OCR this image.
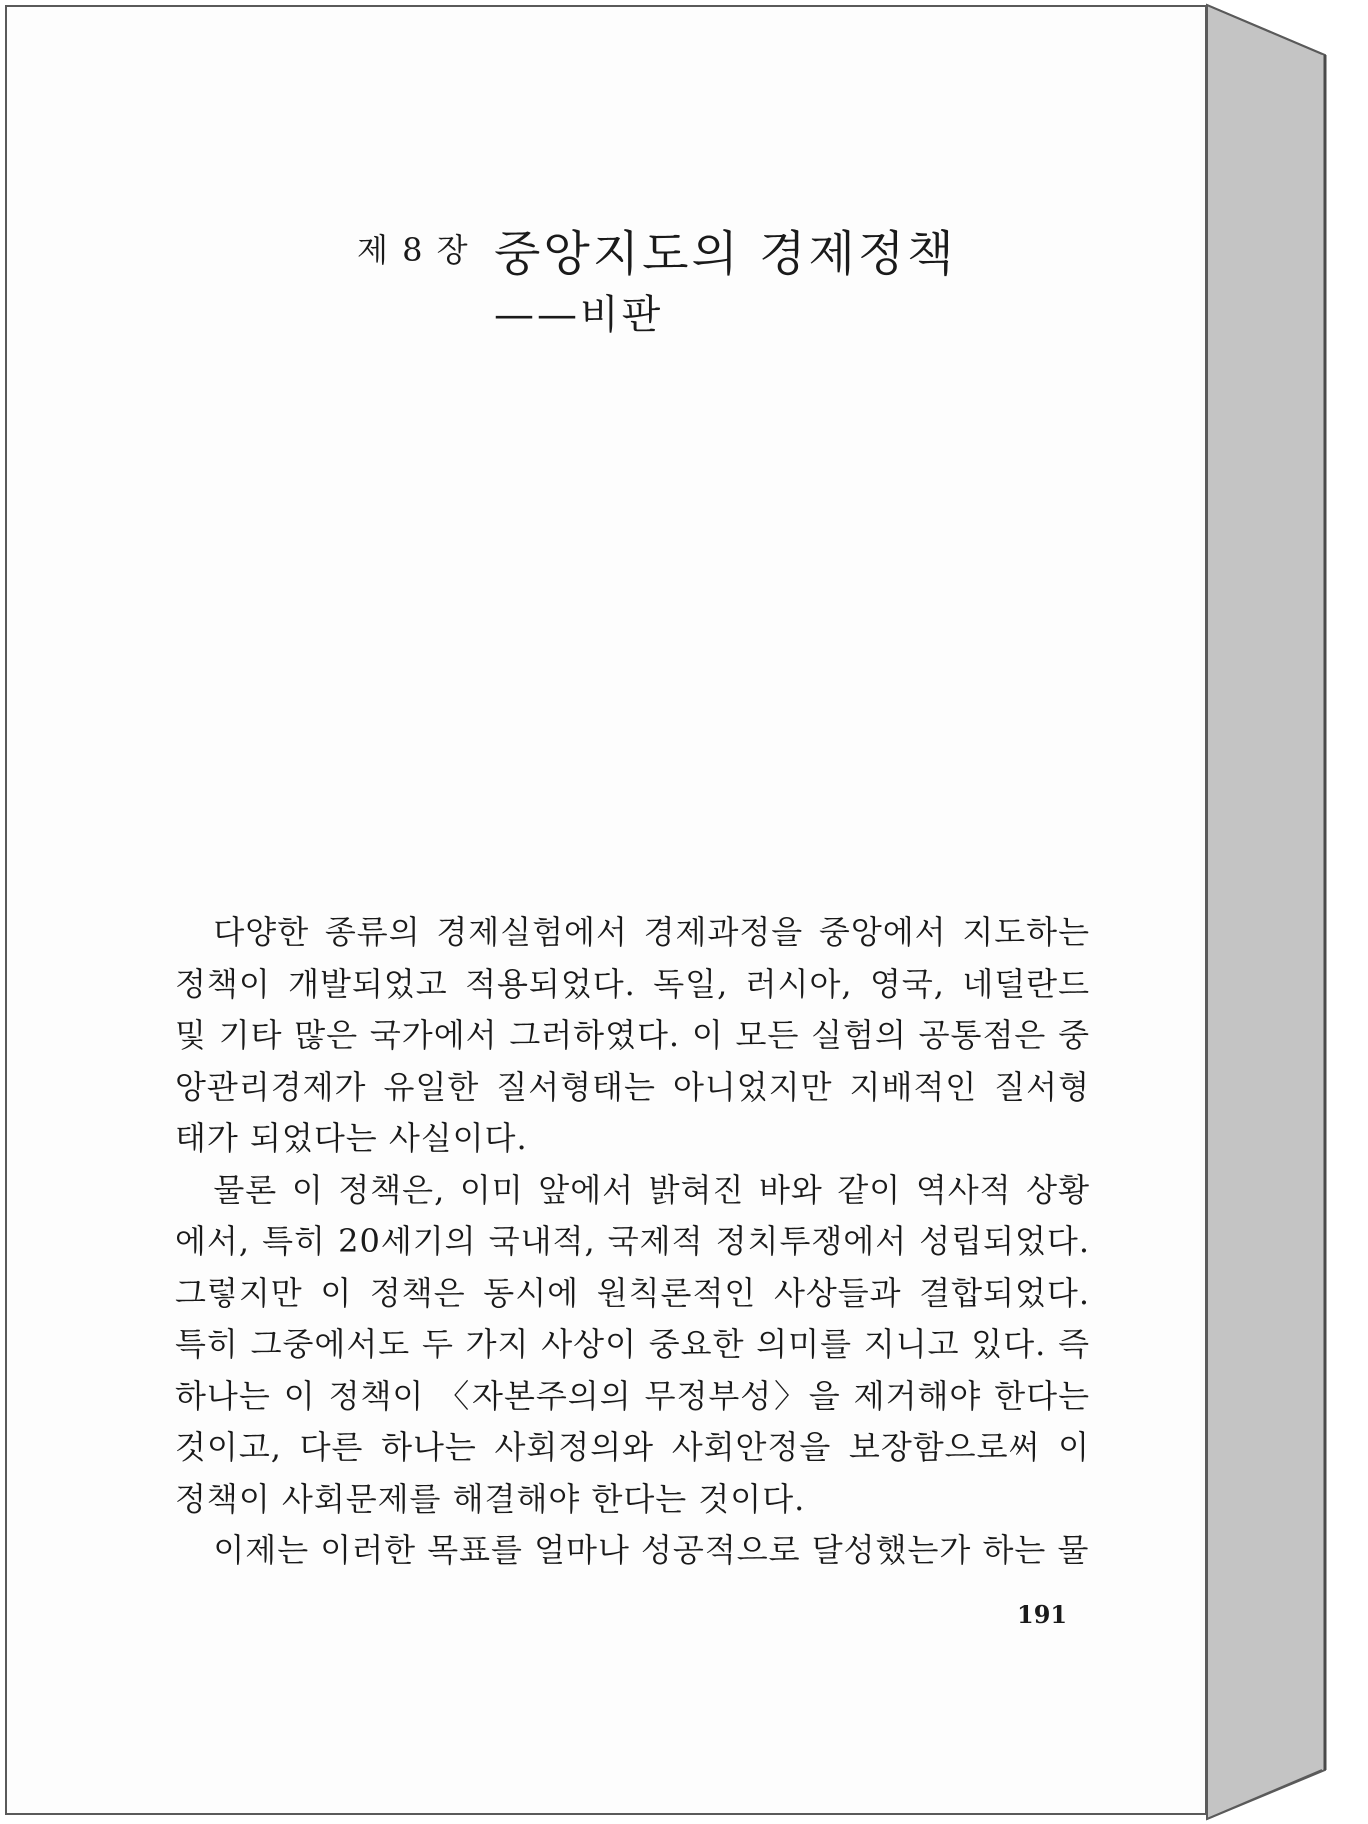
제 8 장 중앙지도의 경제정책
——비판

다양한 종류의 경제실험에서 경제과정을 중앙에서 지도하는 정책이 개발되었고 적용되었다. 독일, 러시아, 영국, 네덜란드 및 기타 많은 국가에서 그러하였다. 이 모든 실험의 공통점은 중앙관리경제가 유일한 질서형태는 아니었지만 지배적인 질서형태가 되었다는 사실이다.

물론 이 정책은, 이미 앞에서 밝혀진 바와 같이 역사적 상황에서, 특히 20세기의 국내적, 국제적 정치투쟁에서 성립되었다. 그렇지만 이 정책은 동시에 원칙론적인 사상들과 결합되었다. 특히 그중에서도 두 가지 사상이 중요한 의미를 지니고 있다. 즉 하나는 이 정책이 〈자본주의의 무정부성〉을 제거해야 한다는 것이고, 다른 하나는 사회정의와 사회안정을 보장함으로써 이 정책이 사회문제를 해결해야 한다는 것이다.

이제는 이러한 목표를 얼마나 성공적으로 달성했는가 하는 물

191
